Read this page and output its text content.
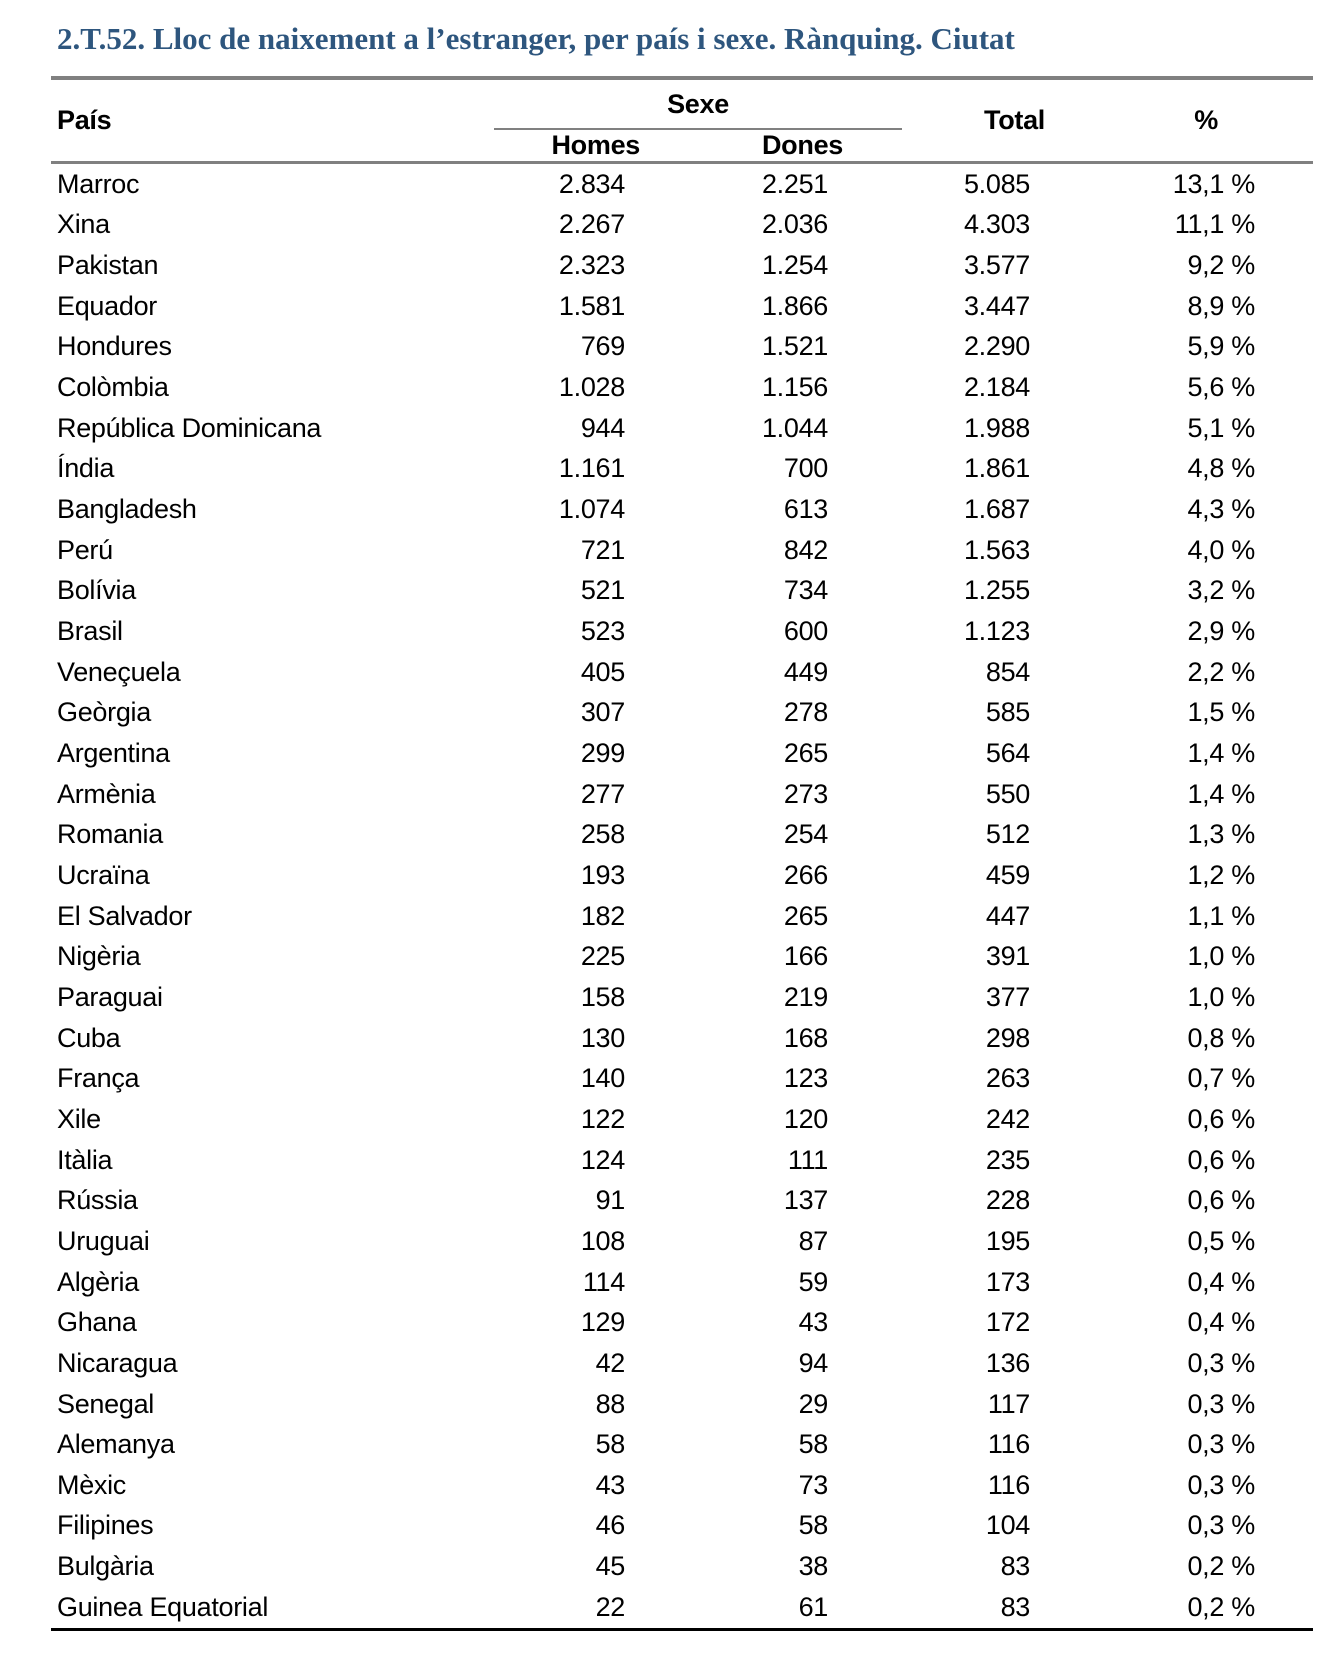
2.T.52. Lloc de naixement a l’estranger, per país i sexe. Rànquing. Ciutat
País	Sexe		Total	%
	Homes	Dones		
Marroc	2.834	2.251	5.085	13,1 %
Xina	2.267	2.036	4.303	11,1 %
Pakistan	2.323	1.254	3.577	9,2 %
Equador	1.581	1.866	3.447	8,9 %
Hondures	769	1.521	2.290	5,9 %
Colòmbia	1.028	1.156	2.184	5,6 %
República Dominicana	944	1.044	1.988	5,1 %
Índia	1.161	700	1.861	4,8 %
Bangladesh	1.074	613	1.687	4,3 %
Perú	721	842	1.563	4,0 %
Bolívia	521	734	1.255	3,2 %
Brasil	523	600	1.123	2,9 %
Veneçuela	405	449	854	2,2 %
Geòrgia	307	278	585	1,5 %
Argentina	299	265	564	1,4 %
Armènia	277	273	550	1,4 %
Romania	258	254	512	1,3 %
Ucraïna	193	266	459	1,2 %
El Salvador	182	265	447	1,1 %
Nigèria	225	166	391	1,0 %
Paraguai	158	219	377	1,0 %
Cuba	130	168	298	0,8 %
França	140	123	263	0,7 %
Xile	122	120	242	0,6 %
Itàlia	124	111	235	0,6 %
Rússia	91	137	228	0,6 %
Uruguai	108	87	195	0,5 %
Algèria	114	59	173	0,4 %
Ghana	129	43	172	0,4 %
Nicaragua	42	94	136	0,3 %
Senegal	88	29	117	0,3 %
Alemanya	58	58	116	0,3 %
Mèxic	43	73	116	0,3 %
Filipines	46	58	104	0,3 %
Bulgària	45	38	83	0,2 %
Guinea Equatorial	22	61	83	0,2 %
